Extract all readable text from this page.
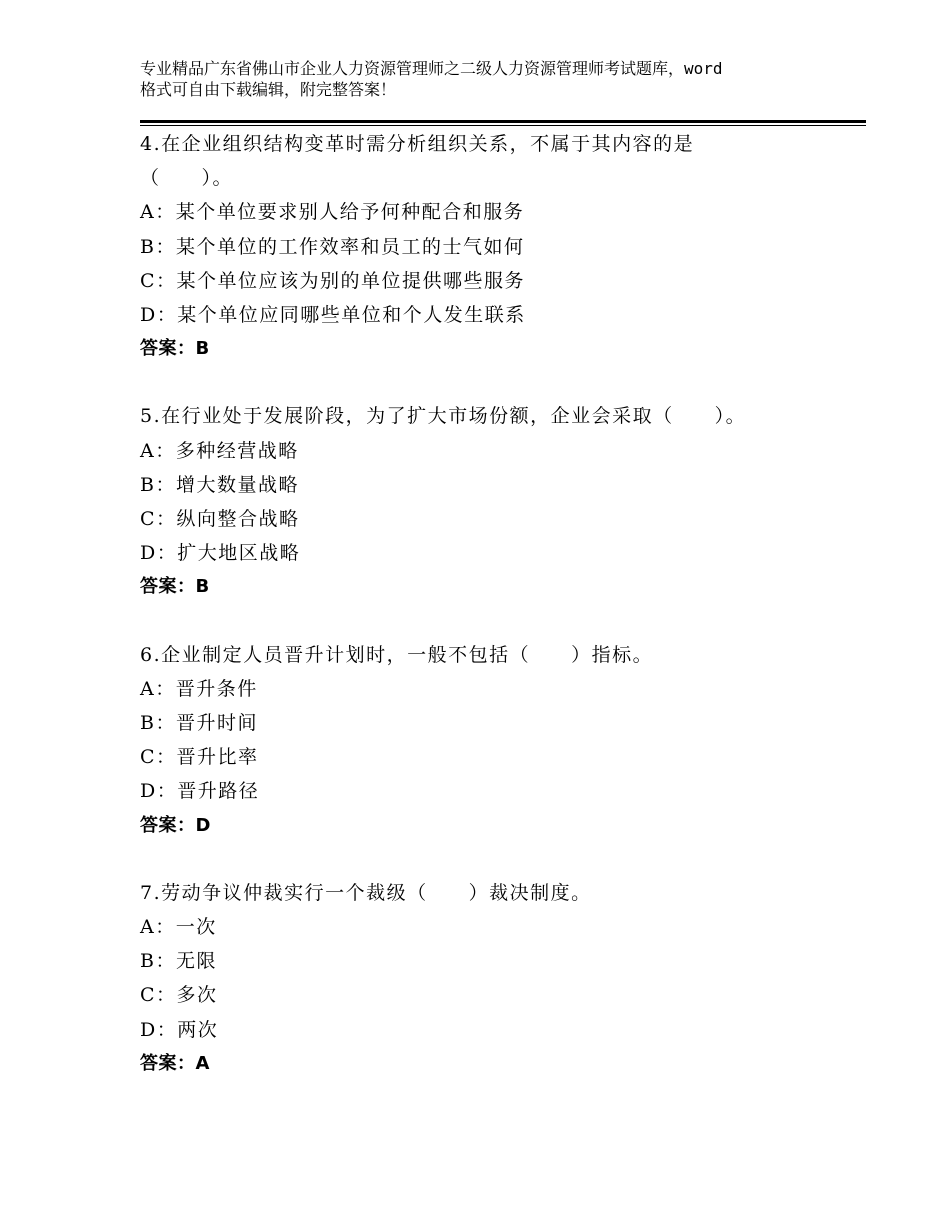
专业精品广东省佛山市企业人力资源管理师之二级人力资源管理师考试题库，word
格式可自由下载编辑，附完整答案！
4.在企业组织结构变革时需分析组织关系，不属于其内容的是
（　　）。
A：某个单位要求别人给予何种配合和服务
B：某个单位的工作效率和员工的士气如何
C：某个单位应该为别的单位提供哪些服务
D：某个单位应同哪些单位和个人发生联系
答案：B
5.在行业处于发展阶段，为了扩大市场份额，企业会采取（　　）。
A：多种经营战略
B：增大数量战略
C：纵向整合战略
D：扩大地区战略
答案：B
6.企业制定人员晋升计划时，一般不包括（　　）指标。
A：晋升条件
B：晋升时间
C：晋升比率
D：晋升路径
答案：D
7.劳动争议仲裁实行一个裁级（　　）裁决制度。
A：一次
B：无限
C：多次
D：两次
答案：A
